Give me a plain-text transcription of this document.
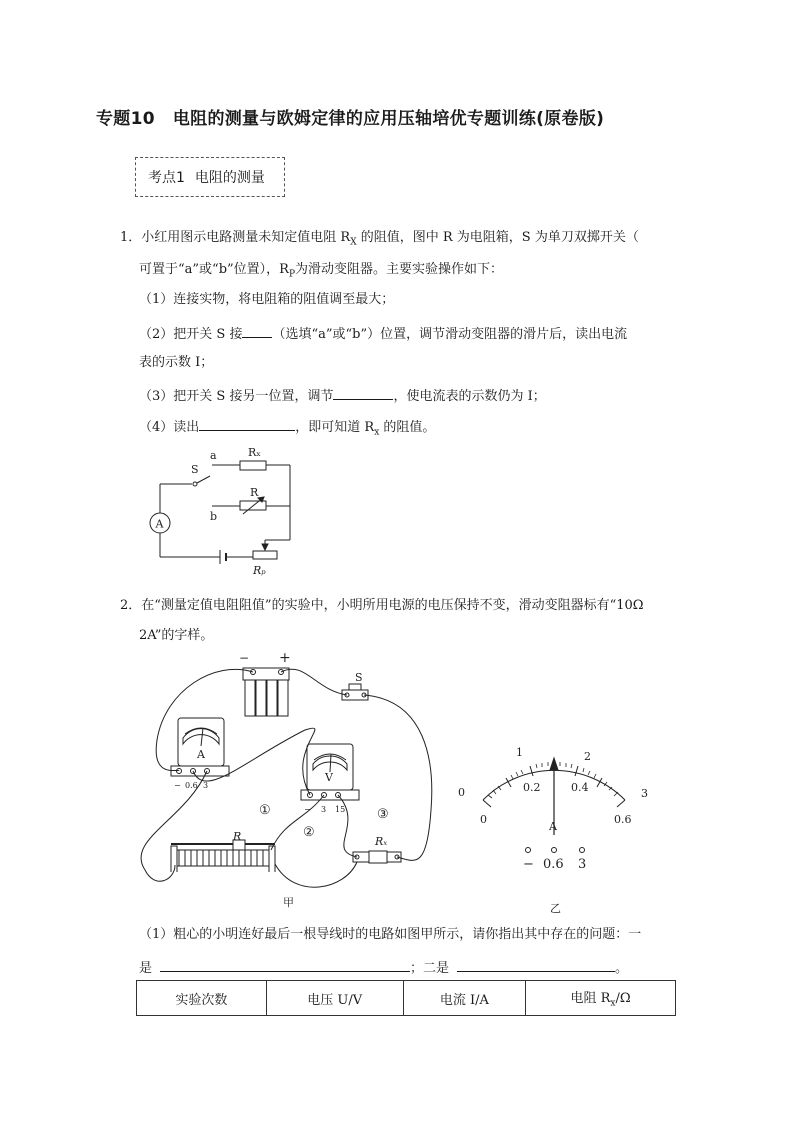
专题10 电阻的测量与欧姆定律的应用压轴培优专题训练(原卷版)
考点1 电阻的测量
1．小红用图示电路测量未知定值电阻 $R_X$ 的阻值，图中 R 为电阻箱，S 为单刀双掷开关（
可置于“a”或“b”位置），$R_P$为滑动变阻器。主要实验操作如下：
（1）连接实物，将电阻箱的阻值调至最大；
（2）把开关 S 接 （选填“a”或“b”）位置，调节滑动变阻器的滑片后，读出电流
表的示数 I；
（3）把开关 S 接另一位置，调节	，使电流表的示数仍为 I；
（4）读出	，即可知道 $R_x$ 的阻值。
A
S
a	Rₓ
b
R
Rₚ
2．在“测量定值电阻阻值”的实验中，小明所用电源的电压保持不变，滑动变阻器标有“10Ω
2A”的字样。
− +
S
A
− 0.6 3
V
− 3 15
R	Rₓ
①
②
③
甲
0
1	2
3
0
0.2	0.4
0.6
A
− 0.6 3
乙
（1）粗心的小明连好最后一根导线时的电路如图甲所示，请你指出其中存在的问题：一
是	；二是	。
实验次数	电压 U/V	电流 I/A	电阻 $R_x/\Omega$
